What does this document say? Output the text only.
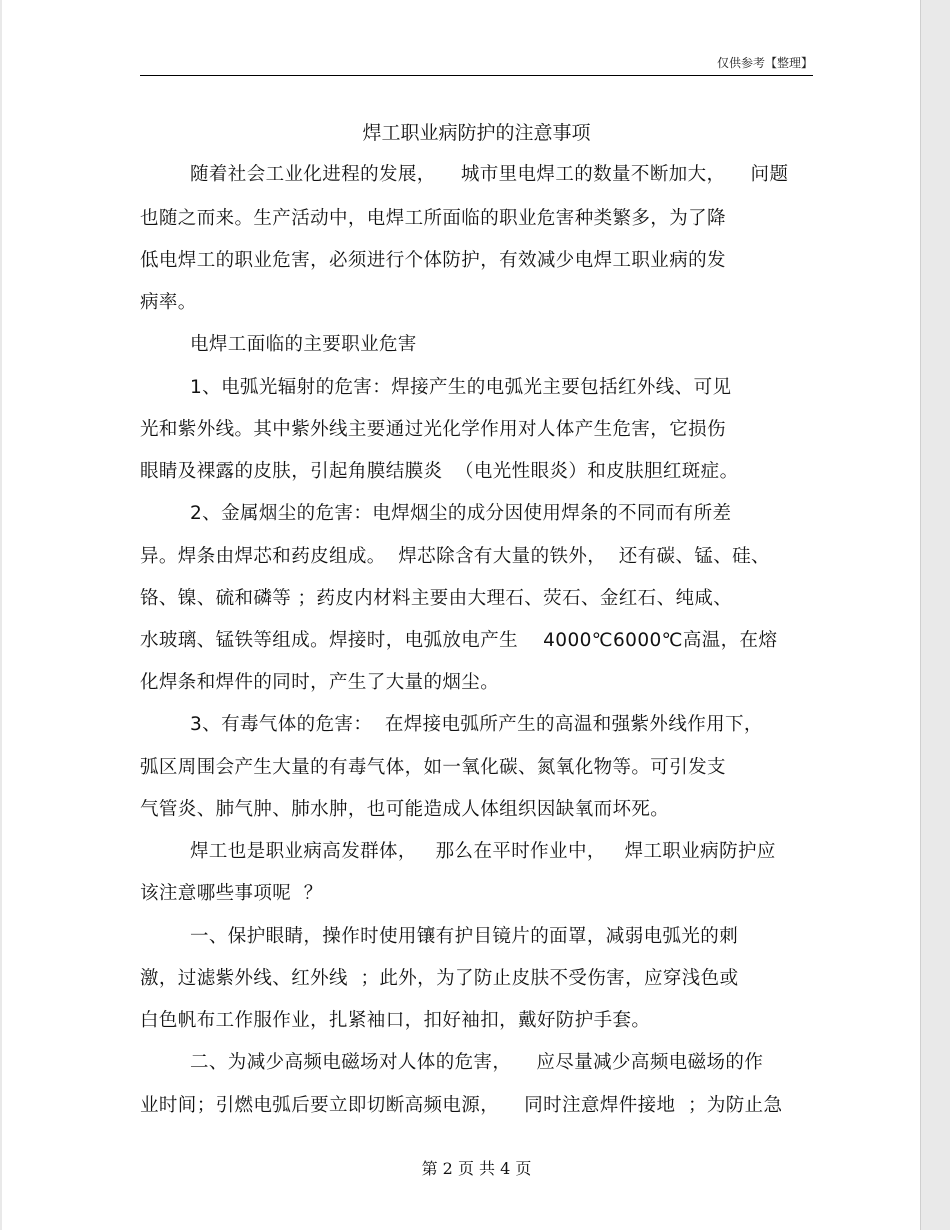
仅供参考【整理】
焊工职业病防护的注意事项
随着社会工业化进程的发展，    城市里电焊工的数量不断加大，    问题
也随之而来。生产活动中，电焊工所面临的职业危害种类繁多，为了降
低电焊工的职业危害，必须进行个体防护，有效减少电焊工职业病的发
病率。
电焊工面临的主要职业危害
1、电弧光辐射的危害：焊接产生的电弧光主要包括红外线、可见
光和紫外线。其中紫外线主要通过光化学作用对人体产生危害，它损伤
眼睛及裸露的皮肤，引起角膜结膜炎  （电光性眼炎）和皮肤胆红斑症。
2、金属烟尘的危害：电焊烟尘的成分因使用焊条的不同而有所差
异。焊条由焊芯和药皮组成。  焊芯除含有大量的铁外，  还有碳、锰、硅、
铬、镍、硫和磷等 ；药皮内材料主要由大理石、荧石、金红石、纯咸、
水玻璃、锰铁等组成。焊接时，电弧放电产生    4000℃6000℃高温，在熔
化焊条和焊件的同时，产生了大量的烟尘。
3、有毒气体的危害：  在焊接电弧所产生的高温和强紫外线作用下，
弧区周围会产生大量的有毒气体，如一氧化碳、氮氧化物等。可引发支
气管炎、肺气肿、肺水肿，也可能造成人体组织因缺氧而坏死。
焊工也是职业病高发群体，   那么在平时作业中，   焊工职业病防护应
该注意哪些事项呢  ？
一、保护眼睛，操作时使用镶有护目镜片的面罩，减弱电弧光的刺
激，过滤紫外线、红外线  ；此外，为了防止皮肤不受伤害，应穿浅色或
白色帆布工作服作业，扎紧袖口，扣好袖扣，戴好防护手套。
二、为减少高频电磁场对人体的危害，    应尽量减少高频电磁场的作
业时间；引燃电弧后要立即切断高频电源，    同时注意焊件接地  ；为防止急
第 2 页 共 4 页
